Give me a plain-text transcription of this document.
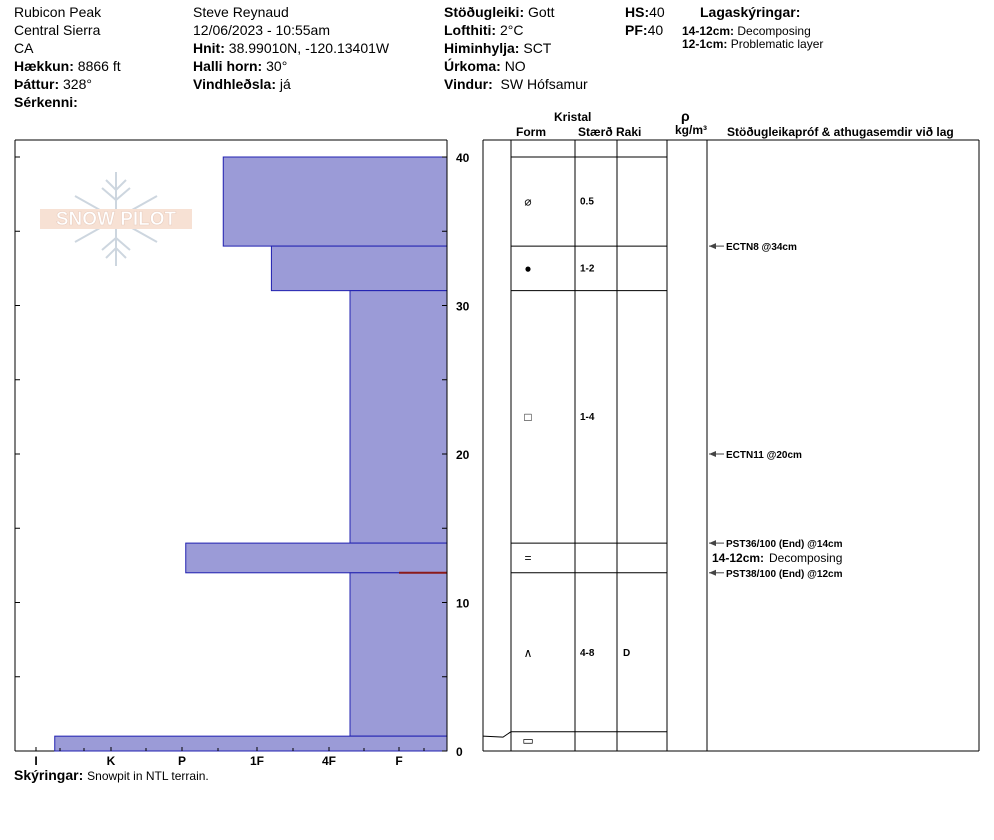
Rubicon Peak
Central Sierra
CA
Hækkun: 8866 ft
Þáttur: 328°
Sérkenni:
Steve Reynaud
12/06/2023 - 10:55am
Hnit: 38.99010N, -120.13401W
Halli horn: 30°
Vindhleðsla: já
Stöðugleiki: Gott
Lofthiti: 2°C
Himinhylja: SCT
Úrkoma: NO
Vindur: SW Hófsamur
HS:40
PF:40
Lagaskýringar:
14-12cm: Decomposing
12-1cm: Problematic layer
Kristal
Form	Stærð Raki
ρ
kg/m³ Stöðugleikapróf & athugasemdir við lag
Skýringar: Snowpit in NTL terrain.
SNOW PILOT
0
10
20
30
40
I	K	P	1F	4F	F
⌀	0.5
●	1-2
□	1-4
=
∧	4-8	D
▭
ECTN8 @34cm
ECTN11 @20cm
PST36/100 (End) @14cm
PST38/100 (End) @12cm
14-12cm: Decomposing
